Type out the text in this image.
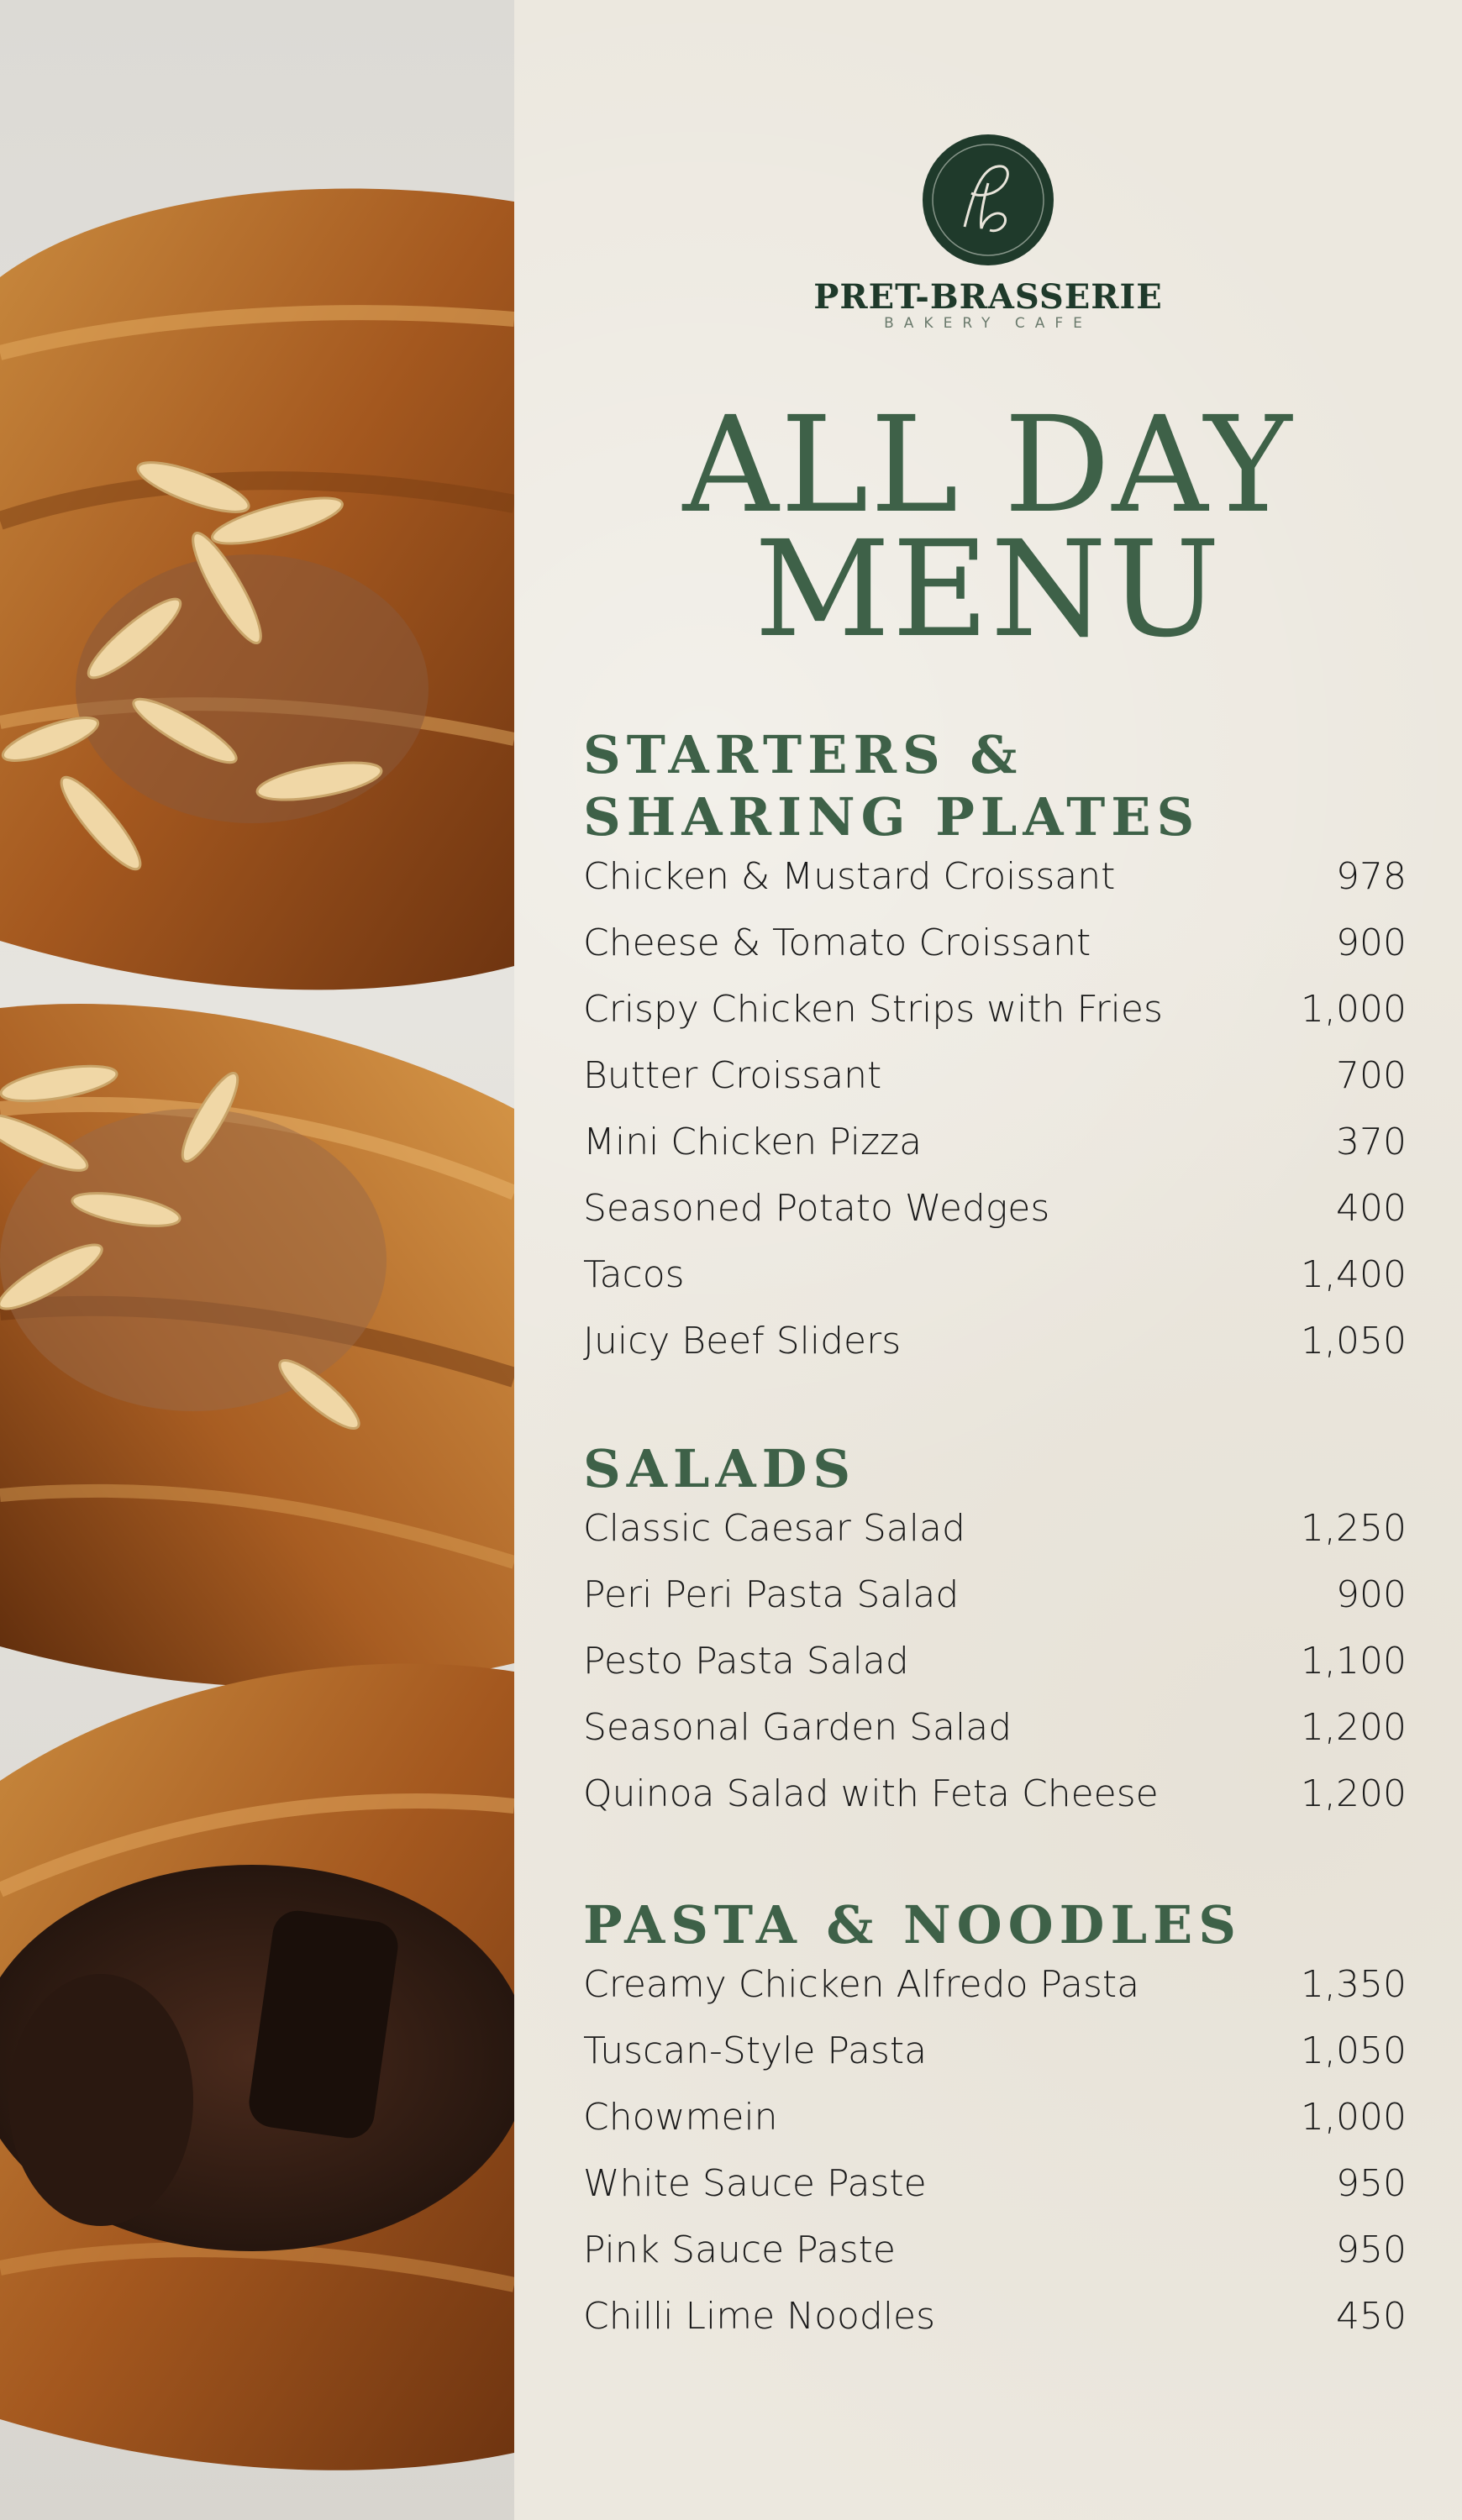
PRET-BRASSERIE
BAKERY CAFE
ALL DAY
MENU
STARTERS &
SHARING PLATES
Chicken & Mustard Croissant	978
Cheese & Tomato Croissant	900
Crispy Chicken Strips with Fries	1,000
Butter Croissant	700
Mini Chicken Pizza	370
Seasoned Potato Wedges	400
Tacos	1,400
Juicy Beef Sliders	1,050
SALADS
Classic Caesar Salad	1,250
Peri Peri Pasta Salad	900
Pesto Pasta Salad	1,100
Seasonal Garden Salad	1,200
Quinoa Salad with Feta Cheese	1,200
PASTA & NOODLES
Creamy Chicken Alfredo Pasta	1,350
Tuscan-Style Pasta	1,050
Chowmein	1,000
White Sauce Paste	950
Pink Sauce Paste	950
Chilli Lime Noodles	450
